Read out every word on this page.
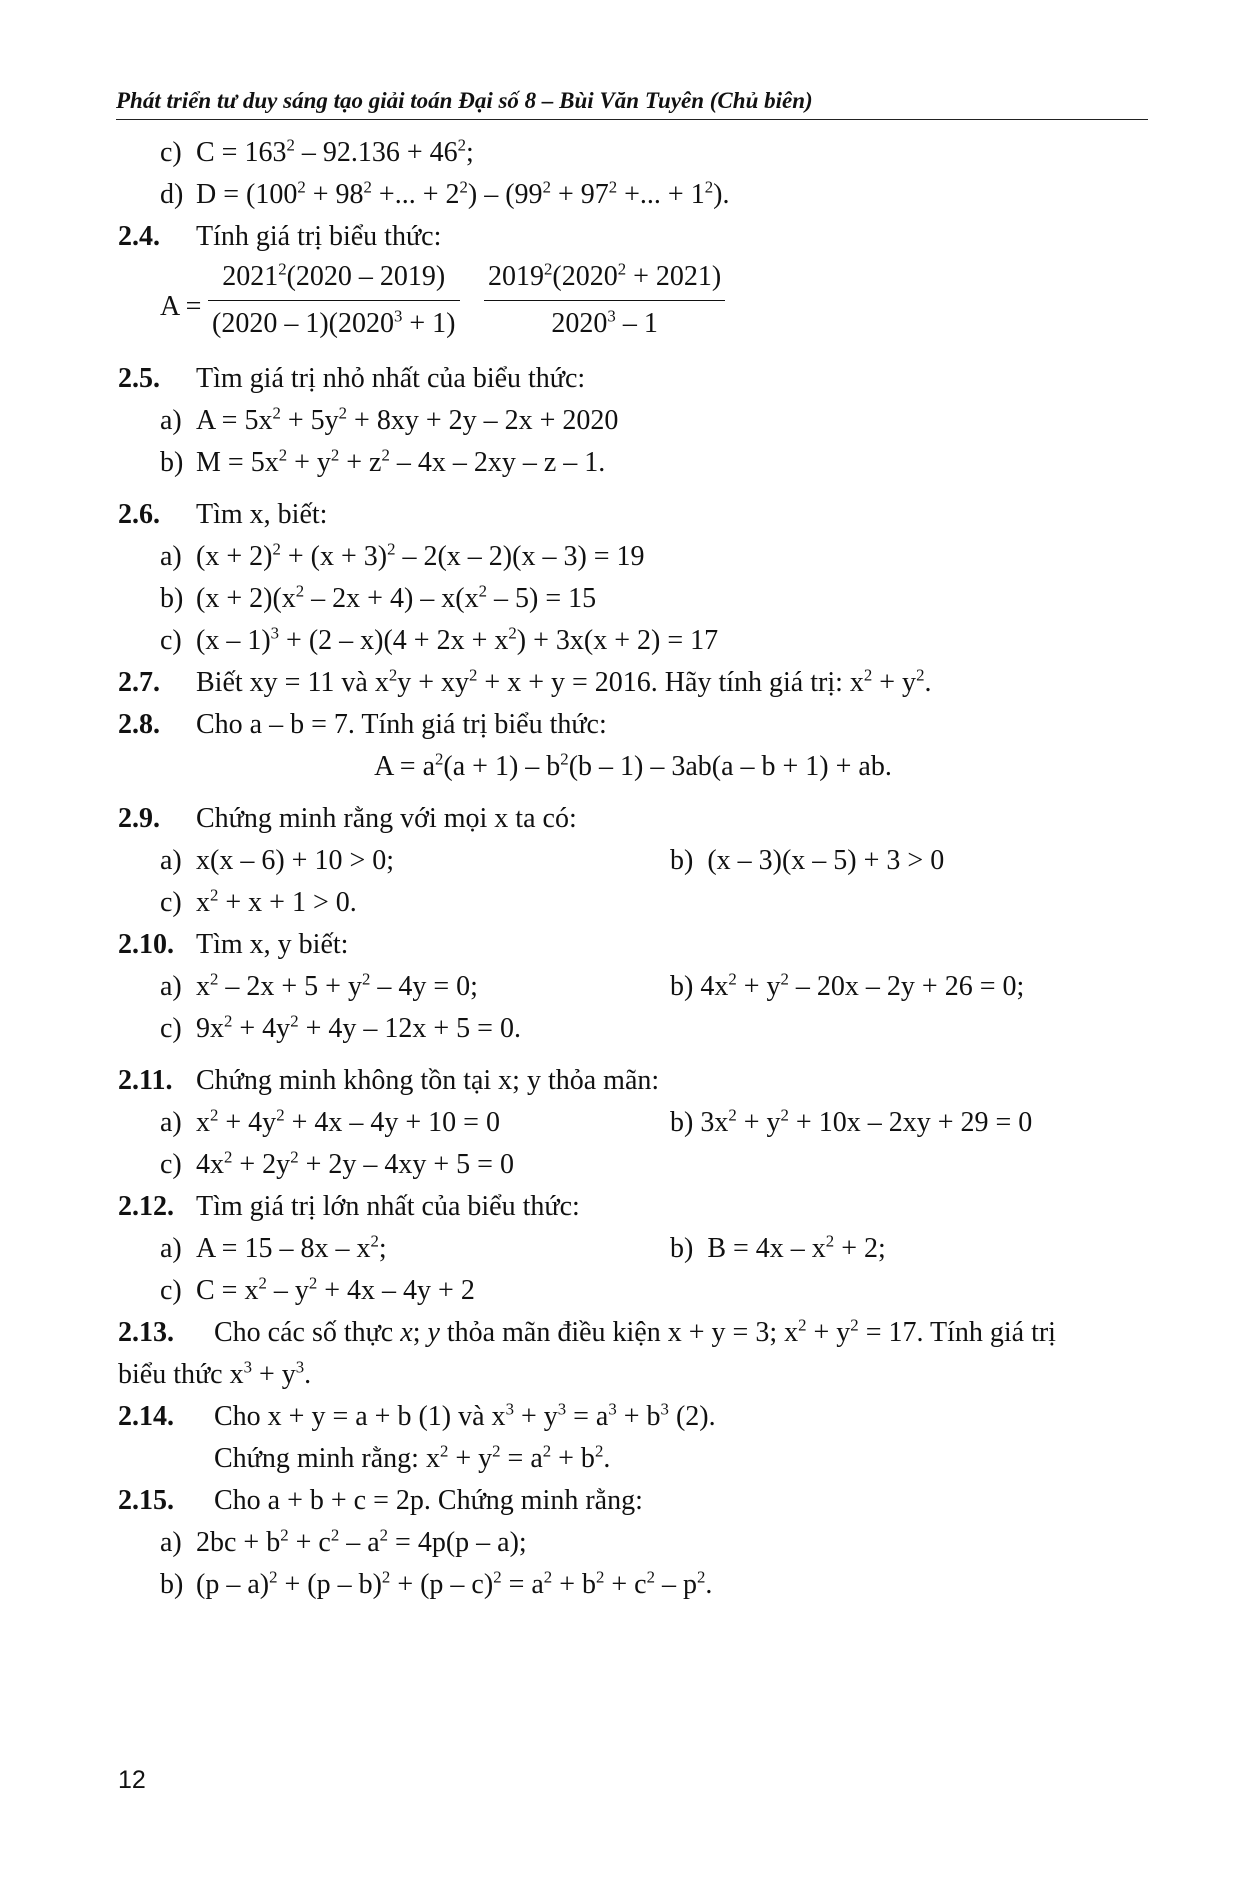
Phát triển tư duy sáng tạo giải toán Đại số 8 – Bùi Văn Tuyên (Chủ biên)
c) $C = 163^2 - 92.136 + 46^2$;
d) $D = (100^2 + 98^2$ +... + $2^2) - (99^2 + 97^2$ +... + $1^2$).
2.4. Tính giá trị biểu thức:
$A = \frac{2021^2(2020 - 2019)}{(2020 - 1)(2020^3 + 1)} \frac{2019^2(2020^2 + 2021)}{2020^3 - 1}$
2.5. Tìm giá trị nhỏ nhất của biểu thức:
a) $A = 5x^2 + 5y^2 + 8xy + 2y - 2x + 2020$
b) $M = 5x^2 + y^2 + z^2 - 4x - 2xy - z - 1$.
2.6. Tìm x, biết:
a) $(x + 2)^2 + (x + 3)^2 - 2(x - 2)(x - 3) = 19$
b) $(x + 2)(x^2 - 2x + 4) - x(x^2 - 5) = 15$
c) $(x - 1)^3 + (2 - x)(4 + 2x + x^2) + 3x(x + 2) = 17$
2.7. Biết xy = 11 và $x^2y + xy^2 + x + y = 2016$. Hãy tính giá trị: $x^2 + y^2$.
2.8. Cho a – b = 7. Tính giá trị biểu thức:
$A = a^2(a + 1) - b^2(b - 1) - 3ab(a - b + 1)$ + ab.
2.9. Chứng minh rằng với mọi x ta có:
a) x(x – 6) + 10 > 0;	b) (x – 3)(x – 5) + 3 > 0
c) $x^2 + x + 1 > 0$.
2.10. Tìm x, y biết:
a) $x^2 - 2x + 5 + y^2 - 4y = 0$;	b) $4x^2 + y^2 - 20x - 2y + 26 = 0$;
c) $9x^2 + 4y^2 + 4y - 12x + 5 = 0$.
2.11. Chứng minh không tồn tại x; y thỏa mãn:
a) $x^2 + 4y^2 + 4x - 4y + 10 = 0$	b) $3x^2 + y^2 + 10x - 2xy + 29 = 0$
c) $4x^2 + 2y^2 + 2y - 4xy + 5 = 0$
2.12. Tìm giá trị lớn nhất của biểu thức:
a) $A = 15 - 8x - x^2$;	b) $B = 4x - x^2 + 2$;
c) $C = x^2 - y^2 + 4x - 4y + 2$
2.13. Cho các số thực x; y thỏa mãn điều kiện x + y = 3; $x^2 + y^2 = 17$. Tính giá trị
biểu thức $x^3 + y^3$.
2.14. Cho x + y = a + b (1) và $x^3 + y^3 = a^3 + b^3$ (2).
Chứng minh rằng: $x^2 + y^2 = a^2 + b^2$.
2.15. Cho a + b + c = 2p. Chứng minh rằng:
a) $2bc + b^2 + c^2 - a^2 = 4p(p - a)$;
b) $(p - a)^2 + (p - b)^2 + (p - c)^2 = a^2 + b^2 + c^2 - p^2$.
12
